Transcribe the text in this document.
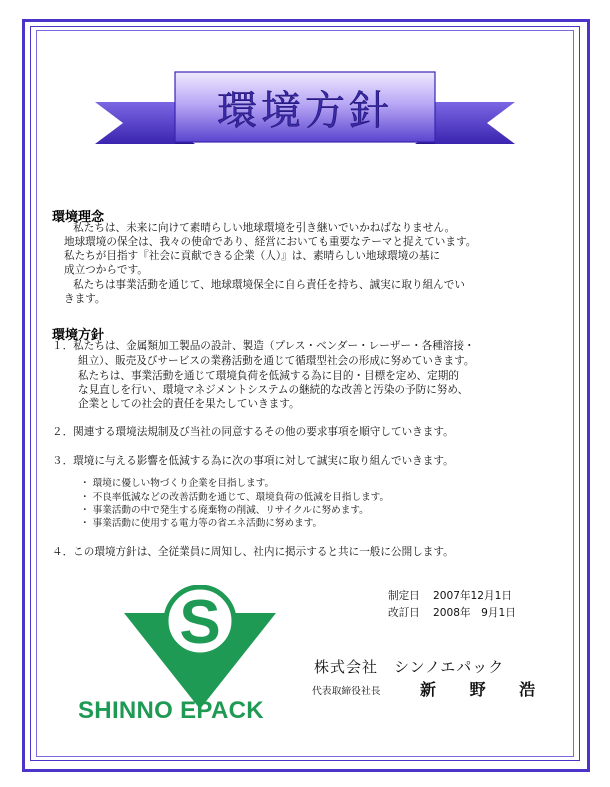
環境方針
環境理念
　　私たちは、未来に向けて素晴らしい地球環境を引き継いでいかねばなりません。
地球環境の保全は、我々の使命であり、経営においても重要なテーマと捉えています。
私たちが目指す『社会に貢献できる企業（人）』は、素晴らしい地球環境の基に
成立つからです。
　　私たちは事業活動を通じて、地球環境保全に自ら責任を持ち、誠実に取り組んでい
きます。
環境方針
１．私たちは、金属類加工製品の設計、製造（プレス・ベンダー・レーザー・各種溶接・
組立）、販売及びサービスの業務活動を通じて循環型社会の形成に努めていきます。
私たちは、事業活動を通じて環境負荷を低減する為に目的・目標を定め、定期的
な見直しを行い、環境マネジメントシステムの継続的な改善と汚染の予防に努め、
企業としての社会的責任を果たしていきます。
２．関連する環境法規制及び当社の同意するその他の要求事項を順守していきます。
３．環境に与える影響を低減する為に次の事項に対して誠実に取り組んでいきます。
・ 環境に優しい物づくり企業を目指します。
・ 不良率低減などの改善活動を通じて、環境負荷の低減を目指します。
・ 事業活動の中で発生する廃棄物の削減、リサイクルに努めます。
・ 事業活動に使用する電力等の省エネ活動に努めます。
４．この環境方針は、全従業員に周知し、社内に掲示すると共に一般に公開します。
制定日 2007年12月1日
改訂日 2008年　9月1日
S
SHINNO EPACK
株式会社　シンノエパック
代表取締役社長 新 野 浩
